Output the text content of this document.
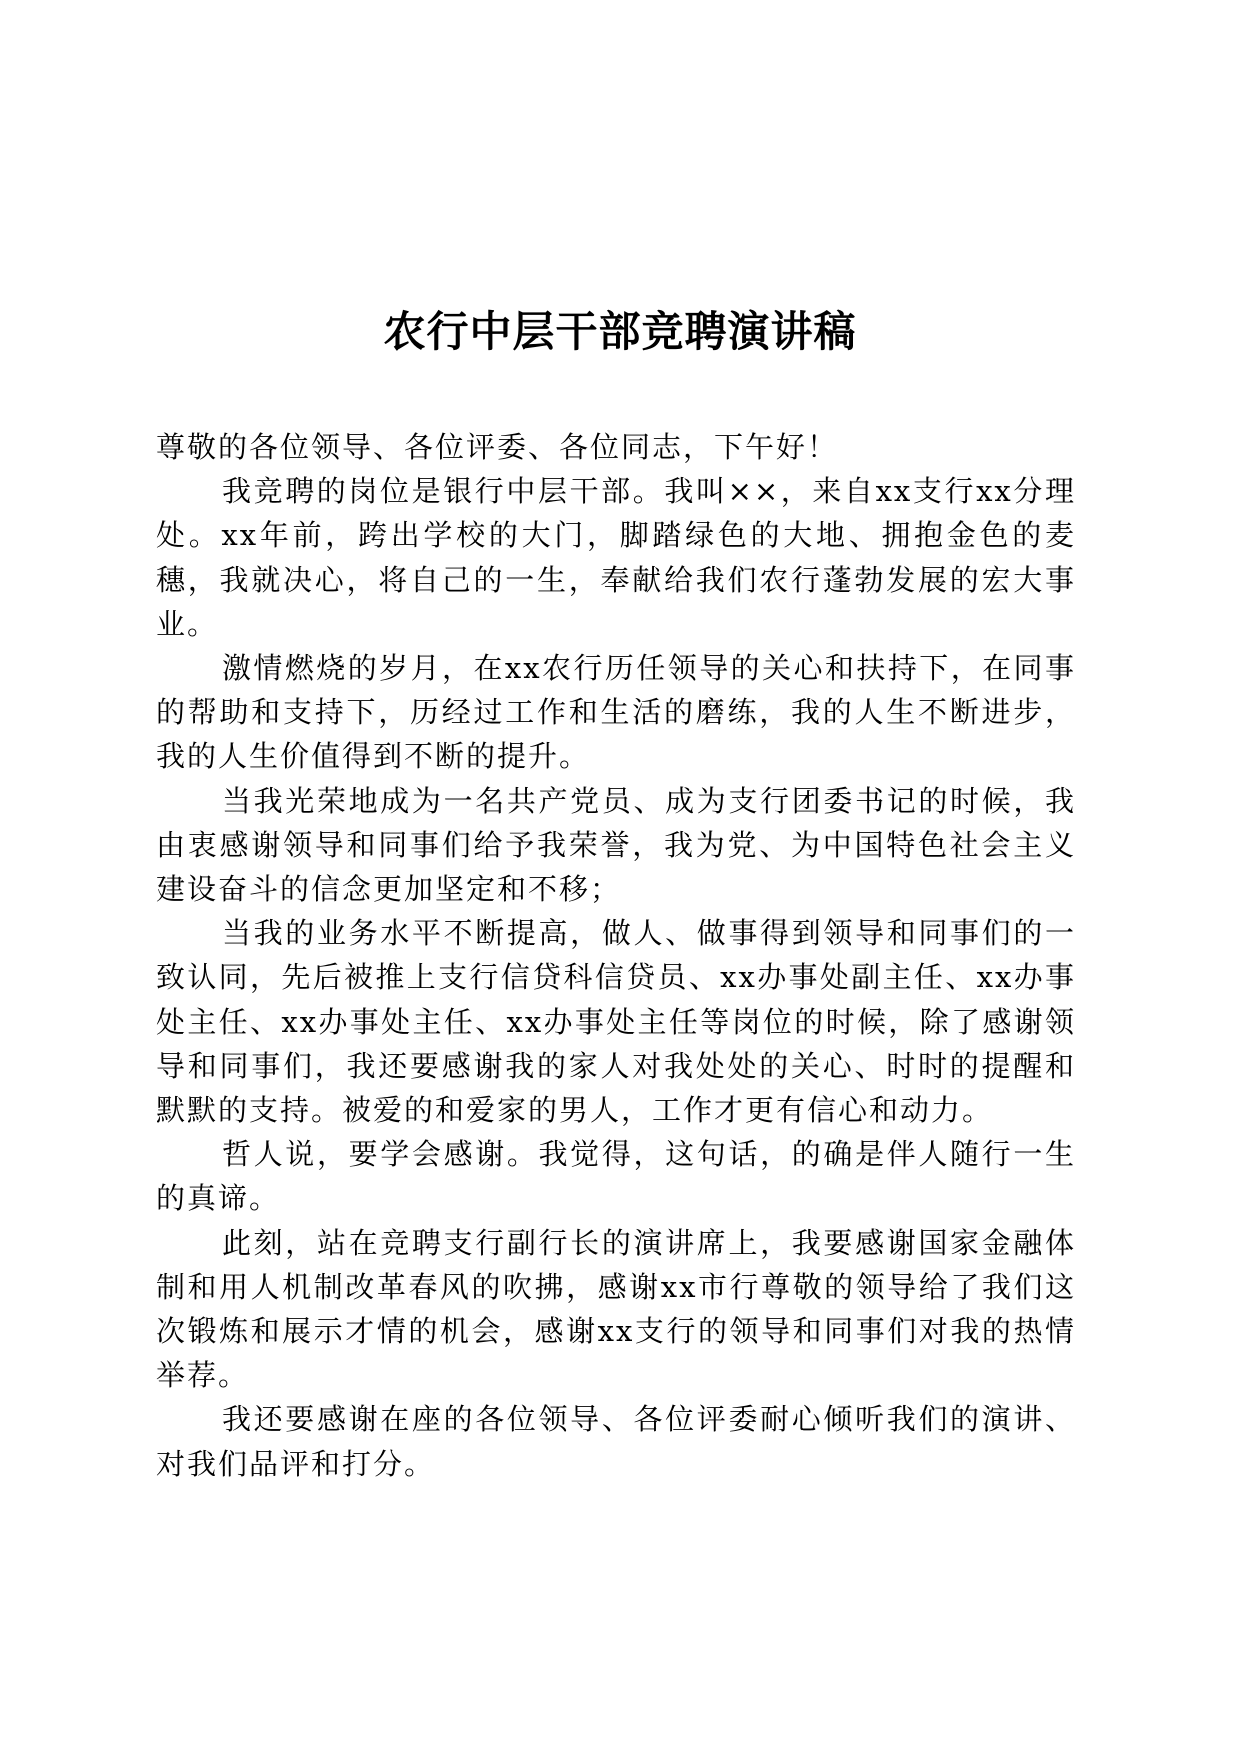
农行中层干部竞聘演讲稿

尊敬的各位领导、各位评委、各位同志，下午好！

我竞聘的岗位是银行中层干部。我叫××，来自xx支行xx分理处。xx年前，跨出学校的大门，脚踏绿色的大地、拥抱金色的麦穗，我就决心，将自己的一生，奉献给我们农行蓬勃发展的宏大事业。

激情燃烧的岁月，在xx农行历任领导的关心和扶持下，在同事的帮助和支持下，历经过工作和生活的磨练，我的人生不断进步，我的人生价值得到不断的提升。

当我光荣地成为一名共产党员、成为支行团委书记的时候，我由衷感谢领导和同事们给予我荣誉，我为党、为中国特色社会主义建设奋斗的信念更加坚定和不移；

当我的业务水平不断提高，做人、做事得到领导和同事们的一致认同，先后被推上支行信贷科信贷员、xx办事处副主任、xx办事处主任、xx办事处主任、xx办事处主任等岗位的时候，除了感谢领导和同事们，我还要感谢我的家人对我处处的关心、时时的提醒和默默的支持。被爱的和爱家的男人，工作才更有信心和动力。

哲人说，要学会感谢。我觉得，这句话，的确是伴人随行一生的真谛。

此刻，站在竞聘支行副行长的演讲席上，我要感谢国家金融体制和用人机制改革春风的吹拂，感谢xx市行尊敬的领导给了我们这次锻炼和展示才情的机会，感谢xx支行的领导和同事们对我的热情举荐。

我还要感谢在座的各位领导、各位评委耐心倾听我们的演讲、对我们品评和打分。
